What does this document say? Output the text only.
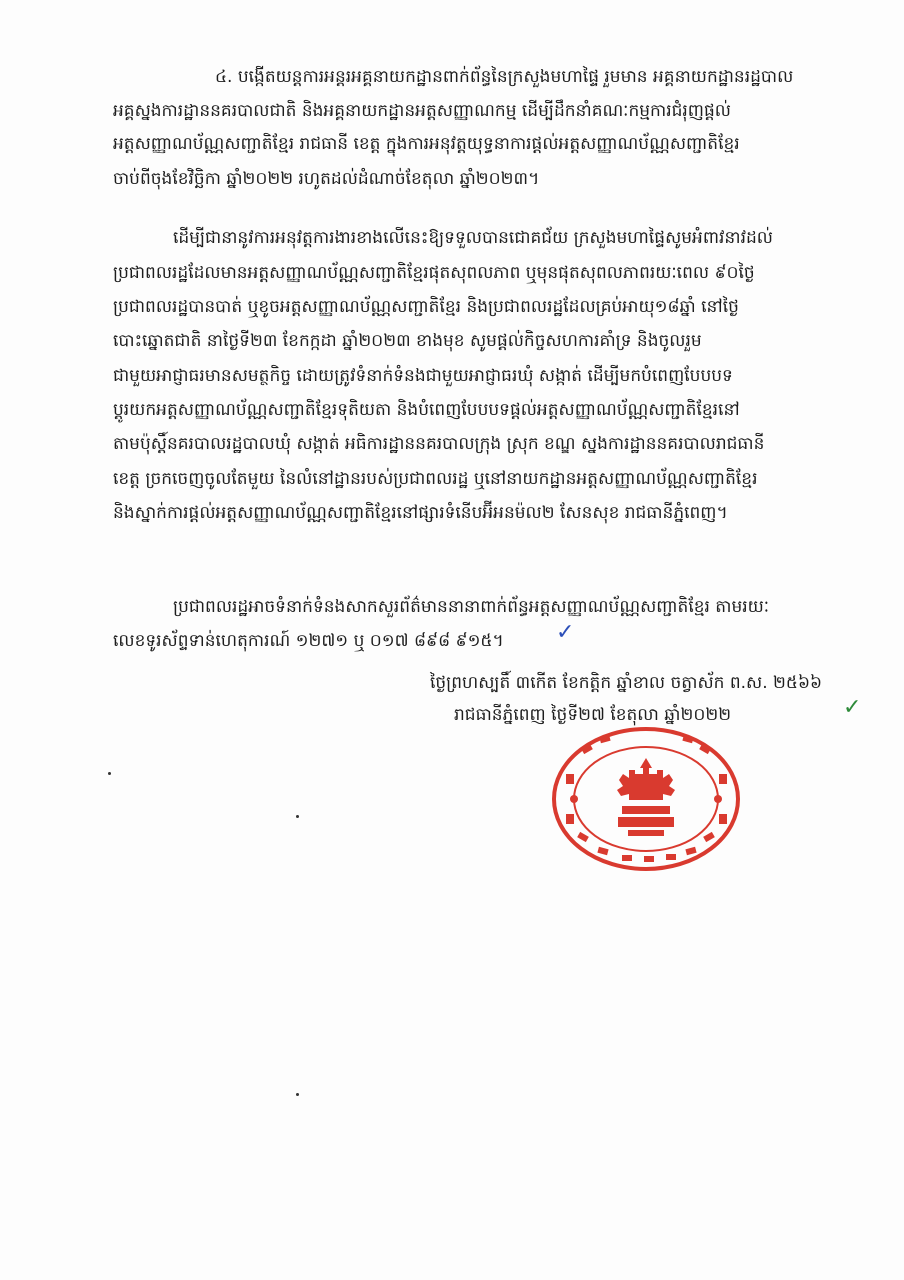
៤. បង្កើតយន្តការអន្តរអគ្គនាយកដ្ឋានពាក់ព័ន្ធនៃក្រសួងមហាផ្ទៃ រួមមាន អគ្គនាយកដ្ឋានរដ្ឋបាល
អគ្គស្នងការដ្ឋាននគរបាលជាតិ និងអគ្គនាយកដ្ឋានអត្តសញ្ញាណកម្ម ដើម្បីដឹកនាំគណៈកម្មការជំរុញផ្តល់
អត្តសញ្ញាណប័ណ្ណសញ្ជាតិខ្មែរ រាជធានី ខេត្ត ក្នុងការអនុវត្តយុទ្ធនាការផ្តល់អត្តសញ្ញាណប័ណ្ណសញ្ជាតិខ្មែរ
ចាប់ពីចុងខែវិច្ឆិកា ឆ្នាំ២០២២ រហូតដល់ដំណាច់ខែតុលា ឆ្នាំ២០២៣។
ដើម្បីជានានូវការអនុវត្តការងារខាងលើនេះឱ្យទទួលបានជោគជ័យ ក្រសួងមហាផ្ទៃសូមអំពាវនាវដល់
ប្រជាពលរដ្ឋដែលមានអត្តសញ្ញាណប័ណ្ណសញ្ជាតិខ្មែរផុតសុពលភាព ឬមុនផុតសុពលភាពរយៈពេល ៩០ថ្ងៃ
ប្រជាពលរដ្ឋបានបាត់ ឬខូចអត្តសញ្ញាណប័ណ្ណសញ្ជាតិខ្មែរ និងប្រជាពលរដ្ឋដែលគ្រប់អាយុ១៨ឆ្នាំ នៅថ្ងៃ
បោះឆ្នោតជាតិ នាថ្ងៃទី២៣ ខែកក្កដា ឆ្នាំ២០២៣ ខាងមុខ សូមផ្តល់កិច្ចសហការគាំទ្រ និងចូលរួម
ជាមួយអាជ្ញាធរមានសមត្ថកិច្ច ដោយត្រូវទំនាក់ទំនងជាមួយអាជ្ញាធរឃុំ សង្កាត់ ដើម្បីមកបំពេញបែបបទ
ប្តូរយកអត្តសញ្ញាណប័ណ្ណសញ្ជាតិខ្មែរទុតិយតា និងបំពេញបែបបទផ្តល់អត្តសញ្ញាណប័ណ្ណសញ្ជាតិខ្មែរនៅ
តាមប៉ុស្តិ៍នគរបាលរដ្ឋបាលឃុំ សង្កាត់ អធិការដ្ឋាននគរបាលក្រុង ស្រុក ខណ្ឌ ស្នងការដ្ឋាននគរបាលរាជធានី
ខេត្ត ច្រកចេញចូលតែមួយ នៃលំនៅដ្ឋានរបស់ប្រជាពលរដ្ឋ ឬនៅនាយកដ្ឋានអត្តសញ្ញាណប័ណ្ណសញ្ជាតិខ្មែរ
និងស្នាក់ការផ្តល់អត្តសញ្ញាណប័ណ្ណសញ្ជាតិខ្មែរនៅផ្សារទំនើបអ៊ីអនម៉ល២ សែនសុខ រាជធានីភ្នំពេញ។
ប្រជាពលរដ្ឋអាចទំនាក់ទំនងសាកសួរព័ត៌មាននានាពាក់ព័ន្ធអត្តសញ្ញាណប័ណ្ណសញ្ជាតិខ្មែរ តាមរយៈ
លេខទូរស័ព្ទទាន់ហេតុការណ៍ ១២៧១ ឬ ០១៧ ៨៩៨ ៩១៥។ ✓
ថ្ងៃព្រហស្បតិ៍ ៣កើត ខែកត្តិក ឆ្នាំខាល ចត្វាស័ក ព.ស. ២៥៦៦
រាជធានីភ្នំពេញ ថ្ងៃទី២៧ ខែតុលា ឆ្នាំ២០២២	✓
